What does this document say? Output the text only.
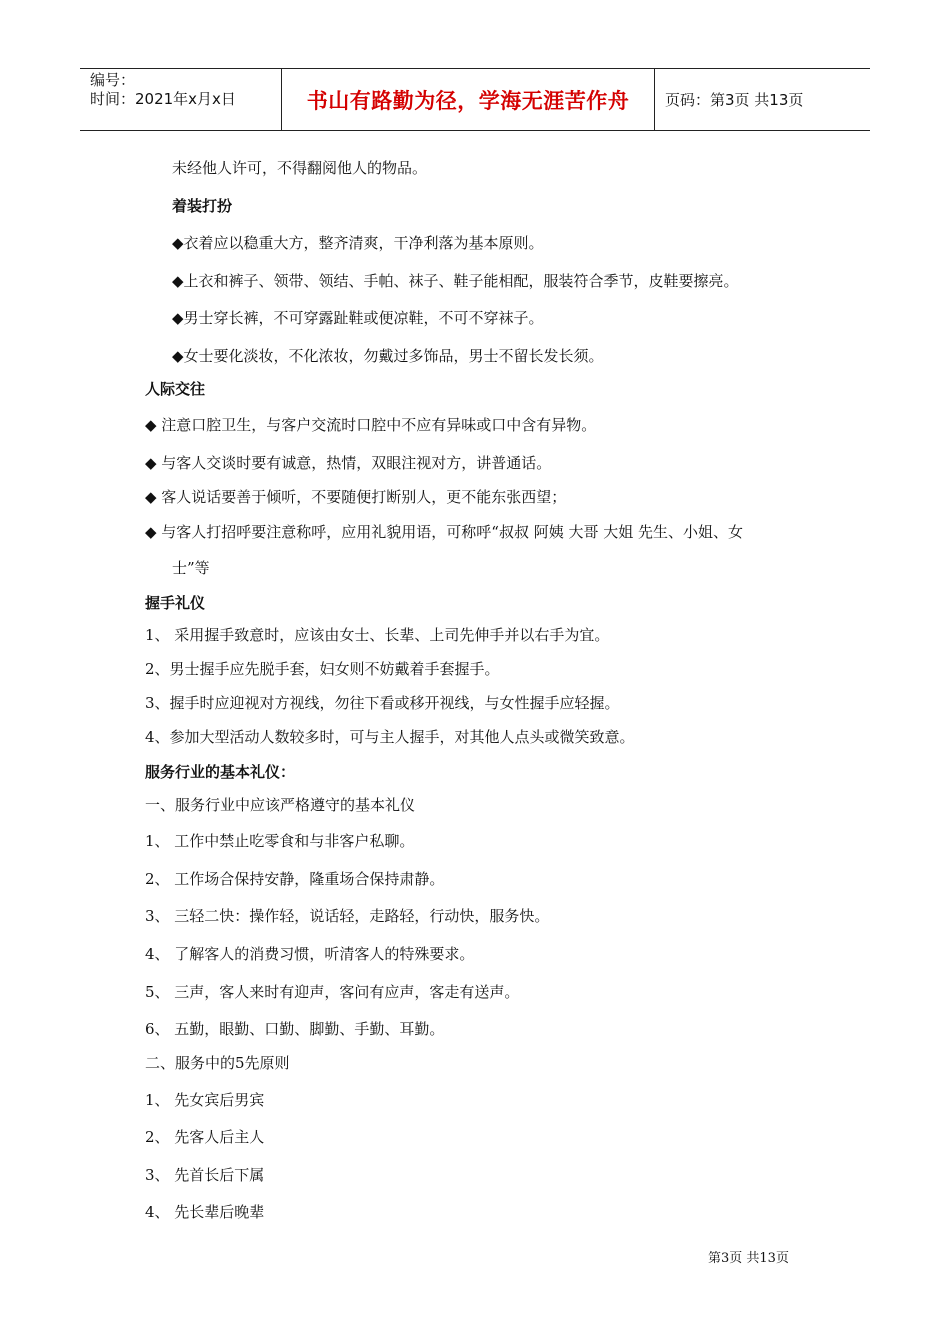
编号：
时间：2021年x月x日	书山有路勤为径，学海无涯苦作舟	页码：第3页 共13页
未经他人许可，不得翻阅他人的物品。
着装打扮
◆衣着应以稳重大方，整齐清爽，干净利落为基本原则。
◆上衣和裤子、领带、领结、手帕、袜子、鞋子能相配，服装符合季节，皮鞋要擦亮。
◆男士穿长裤，不可穿露趾鞋或便凉鞋，不可不穿袜子。
◆女士要化淡妆，不化浓妆，勿戴过多饰品，男士不留长发长须。
人际交往
◆ 注意口腔卫生，与客户交流时口腔中不应有异味或口中含有异物。
◆ 与客人交谈时要有诚意，热情，双眼注视对方，讲普通话。
◆ 客人说话要善于倾听，不要随便打断别人，更不能东张西望；
◆ 与客人打招呼要注意称呼，应用礼貌用语，可称呼“叔叔 阿姨 大哥 大姐 先生、小姐、女
士”等
握手礼仪
1、 采用握手致意时，应该由女士、长辈、上司先伸手并以右手为宜。
2、男士握手应先脱手套，妇女则不妨戴着手套握手。
3、握手时应迎视对方视线，勿往下看或移开视线，与女性握手应轻握。
4、参加大型活动人数较多时，可与主人握手，对其他人点头或微笑致意。
服务行业的基本礼仪：
一、服务行业中应该严格遵守的基本礼仪
1、 工作中禁止吃零食和与非客户私聊。
2、 工作场合保持安静，隆重场合保持肃静。
3、 三轻二快：操作轻，说话轻，走路轻，行动快，服务快。
4、 了解客人的消费习惯，听清客人的特殊要求。
5、 三声，客人来时有迎声，客问有应声，客走有送声。
6、 五勤，眼勤、口勤、脚勤、手勤、耳勤。
二、服务中的5先原则
1、 先女宾后男宾
2、 先客人后主人
3、 先首长后下属
4、 先长辈后晚辈
第3页 共13页
